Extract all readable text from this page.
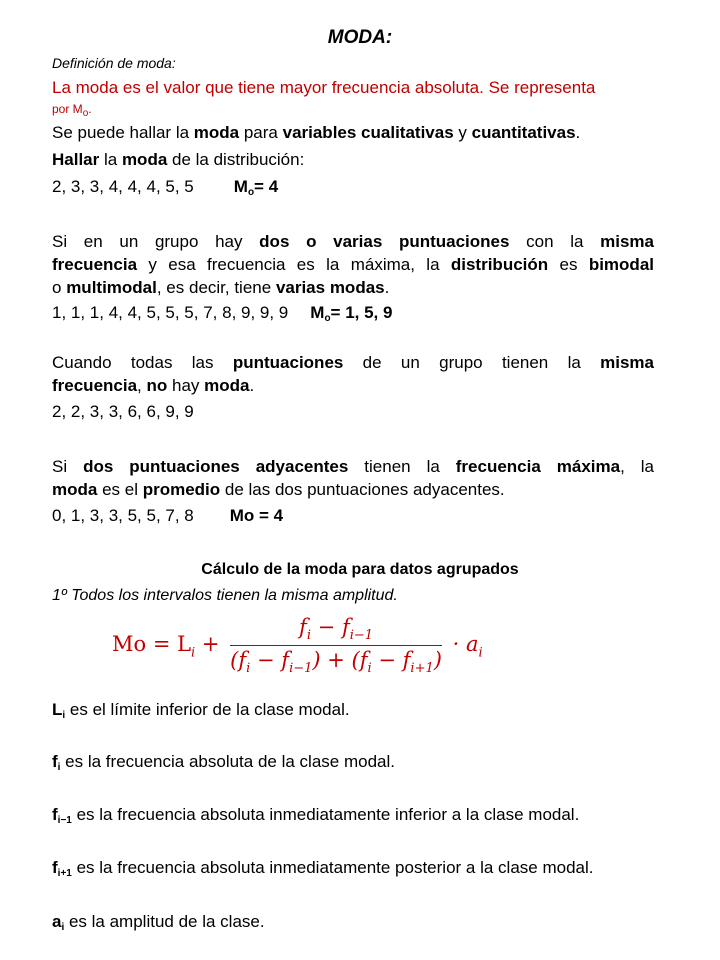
MODA:
Definición de moda:
La moda es el valor que tiene mayor frecuencia absoluta. Se representa
por $M_o$.
Se puede hallar la moda para variables cualitativas y cuantitativas.
Hallar la moda de la distribución:
2, 3, 3, 4, 4, 4, 5, 5 $M_o= 4$
Si en un grupo hay dos o varias puntuaciones con la misma
frecuencia y esa frecuencia es la máxima, la distribución es bimodal
o multimodal, es decir, tiene varias modas.
1, 1, 1, 4, 4, 5, 5, 5, 7, 8, 9, 9, 9 $M_o= 1$, 5, 9
Cuando todas las puntuaciones de un grupo tienen la misma
frecuencia, no hay moda.
2, 2, 3, 3, 6, 6, 9, 9
Si dos puntuaciones adyacentes tienen la frecuencia máxima, la
moda es el promedio de las dos puntuaciones adyacentes.
0, 1, 3, 3, 5, 5, 7, 8 Mo = 4
Cálculo de la moda para datos agrupados
1º Todos los intervalos tienen la misma amplitud.
$Mo = L_i + \frac{f_i - f_{i-1}}{(f_i - f_{i-1}) + (f_i - f_{i+1})} \cdot a_i$
$L_i$ es el límite inferior de la clase modal.
$f_i$ es la frecuencia absoluta de la clase modal.
$f_{i-1}$ es la frecuencia absoluta inmediatamente inferior a la clase modal.
$f_{i+1}$ es la frecuencia absoluta inmediatamente posterior a la clase modal.
$a_i$ es la amplitud de la clase.
